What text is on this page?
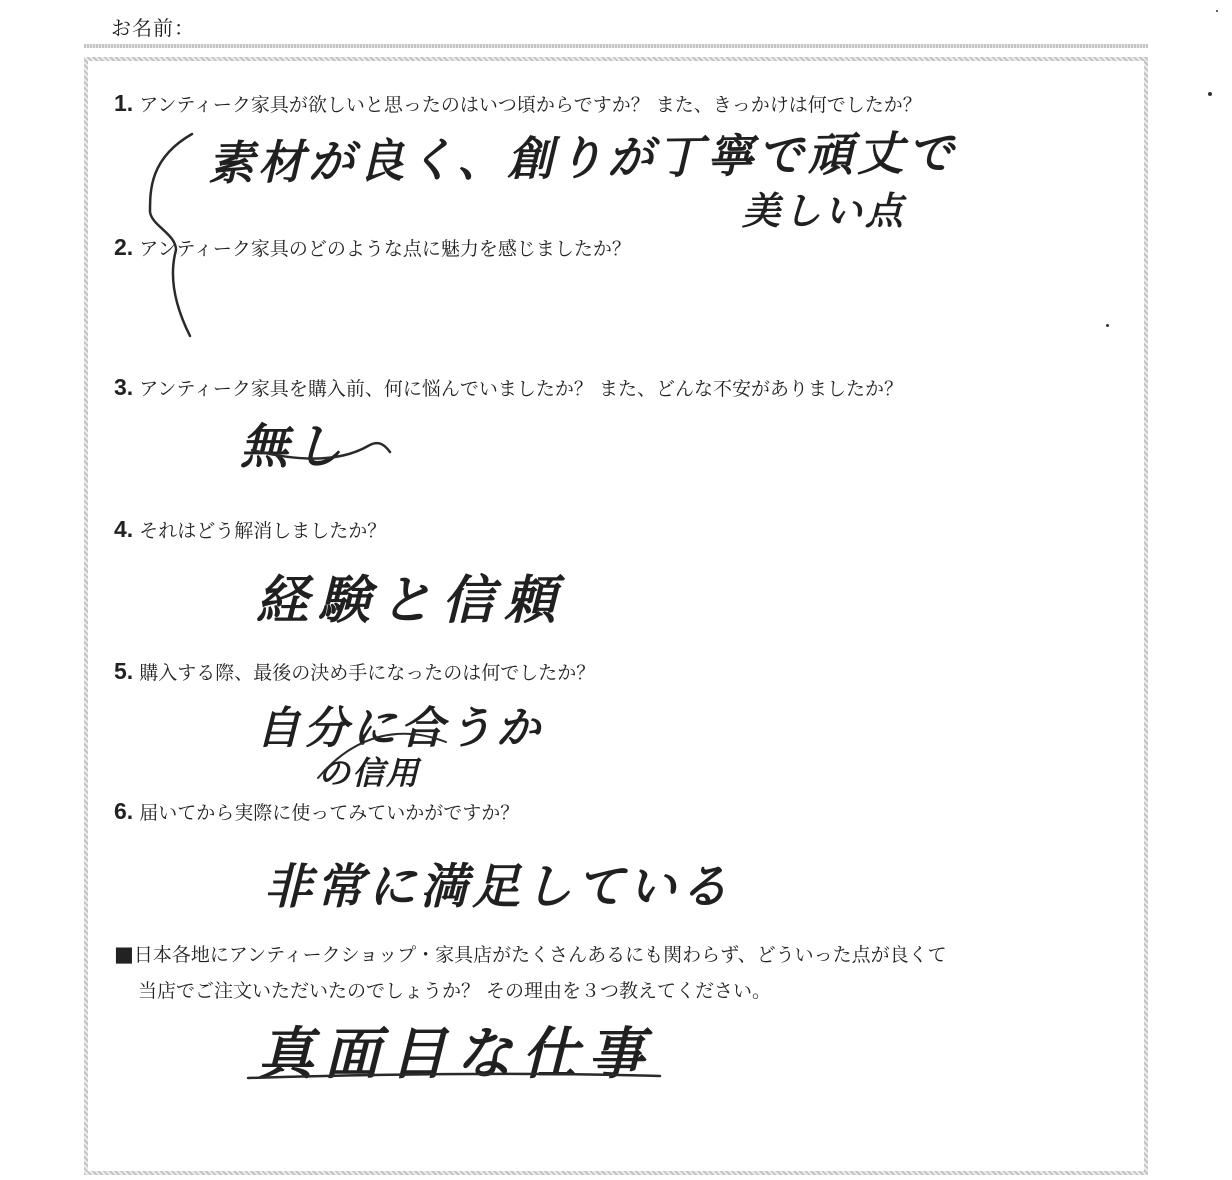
お名前：
1. アンティーク家具が欲しいと思ったのはいつ頃からですか？ また、きっかけは何でしたか？
素材が良く、創りが丁寧で頑丈で
美しい点
2. アンティーク家具のどのような点に魅力を感じましたか？
3. アンティーク家具を購入前、何に悩んでいましたか？ また、どんな不安がありましたか？
無し
4. それはどう解消しましたか？
経験と信頼
5. 購入する際、最後の決め手になったのは何でしたか？
自分に合うか
の信用
6. 届いてから実際に使ってみていかがですか？
非常に満足している
■日本各地にアンティークショップ・家具店がたくさんあるにも関わらず、どういった点が良くて
当店でご注文いただいたのでしょうか？ その理由を３つ教えてください。
真面目な仕事
